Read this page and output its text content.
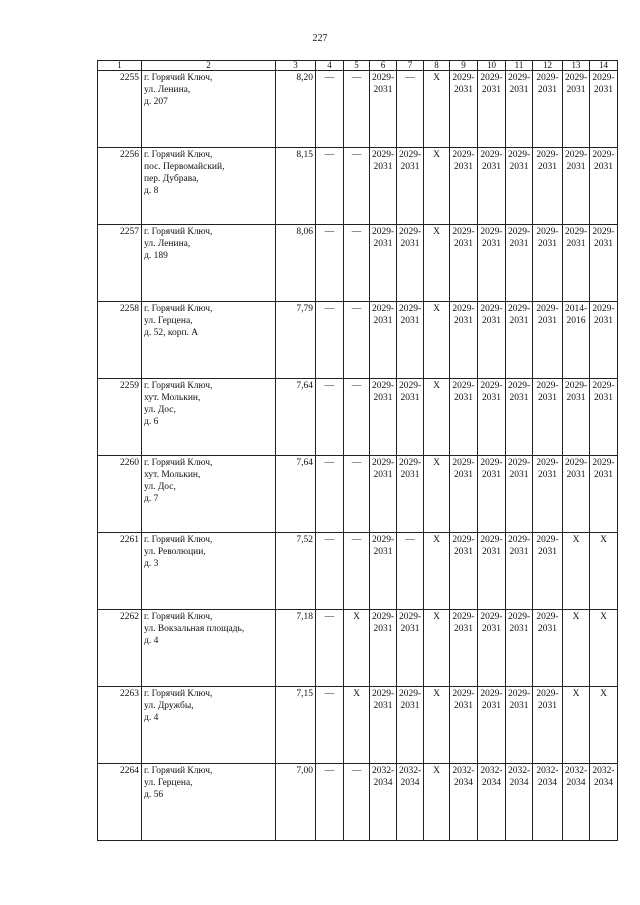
227
1	2	3	4	5	6	7	8	9	10	11	12	13	14

2255	г. Горячий Ключ,
ул. Ленина,
д. 207	8,20	—	—	2029-
2031	—	X	2029-
2031	2029-
2031	2029-
2031	2029-
2031	2029-
2031	2029-
2031

2256	г. Горячий Ключ,
пос. Первомайский,
пер. Дубрава,
д. 8	8,15	—	—	2029-
2031	2029-
2031	X	2029-
2031	2029-
2031	2029-
2031	2029-
2031	2029-
2031	2029-
2031

2257	г. Горячий Ключ,
ул. Ленина,
д. 189	8,06	—	—	2029-
2031	2029-
2031	X	2029-
2031	2029-
2031	2029-
2031	2029-
2031	2029-
2031	2029-
2031

2258	г. Горячий Ключ,
ул. Герцена,
д. 52, корп. А	7,79	—	—	2029-
2031	2029-
2031	X	2029-
2031	2029-
2031	2029-
2031	2029-
2031	2014-
2016	2029-
2031

2259	г. Горячий Ключ,
хут. Молькин,
ул. Дос,
д. 6	7,64	—	—	2029-
2031	2029-
2031	X	2029-
2031	2029-
2031	2029-
2031	2029-
2031	2029-
2031	2029-
2031

2260	г. Горячий Ключ,
хут. Молькин,
ул. Дос,
д. 7	7,64	—	—	2029-
2031	2029-
2031	X	2029-
2031	2029-
2031	2029-
2031	2029-
2031	2029-
2031	2029-
2031

2261	г. Горячий Ключ,
ул. Революции,
д. 3	7,52	—	—	2029-
2031	—	X	2029-
2031	2029-
2031	2029-
2031	2029-
2031	X	X

2262	г. Горячий Ключ,
ул. Вокзальная площадь,
д. 4	7,18	—	X	2029-
2031	2029-
2031	X	2029-
2031	2029-
2031	2029-
2031	2029-
2031	X	X

2263	г. Горячий Ключ,
ул. Дружбы,
д. 4	7,15	—	X	2029-
2031	2029-
2031	X	2029-
2031	2029-
2031	2029-
2031	2029-
2031	X	X

2264	г. Горячий Ключ,
ул. Герцена,
д. 56	7,00	—	—	2032-
2034	2032-
2034	X	2032-
2034	2032-
2034	2032-
2034	2032-
2034	2032-
2034	2032-
2034
